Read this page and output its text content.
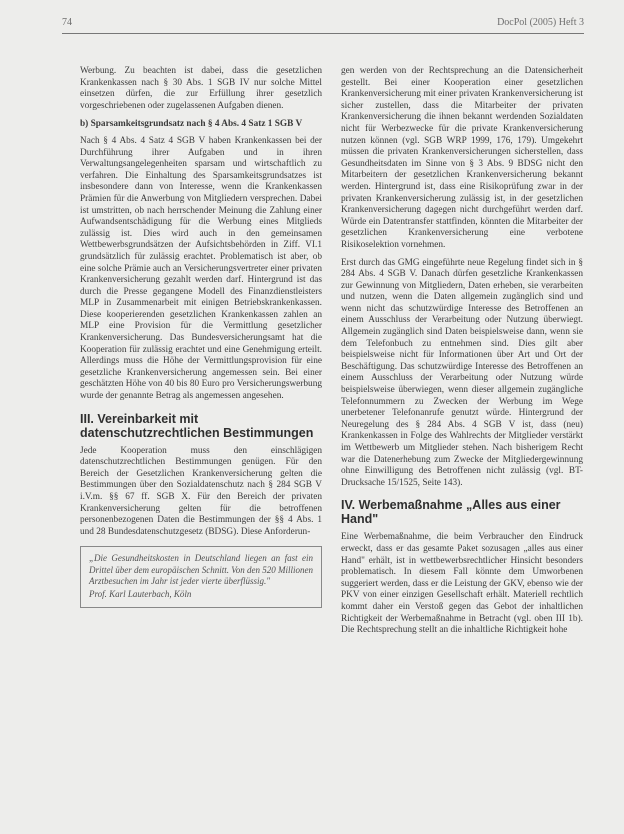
74	DocPol (2005) Heft 3

Werbung. Zu beachten ist dabei, dass die gesetzlichen Krankenkassen nach § 30 Abs. 1 SGB IV nur solche Mittel einsetzen dürfen, die zur Erfüllung ihrer gesetzlich vorgeschriebenen oder zugelassenen Aufgaben dienen.

b) Sparsamkeitsgrundsatz nach § 4 Abs. 4 Satz 1 SGB V

Nach § 4 Abs. 4 Satz 4 SGB V haben Krankenkassen bei der Durchführung ihrer Aufgaben und in ihren Verwaltungsangelegenheiten sparsam und wirtschaftlich zu verfahren. Die Einhaltung des Sparsamkeitsgrundsatzes ist insbesondere dann von Interesse, wenn die Krankenkassen Prämien für die Anwerbung von Mitgliedern versprechen. Dabei ist umstritten, ob nach herrschender Meinung die Zahlung einer Aufwandsentschädigung für die Werbung eines Mitglieds zulässig ist. Dies wird auch in den gemeinsamen Wettbewerbsgrundsätzen der Aufsichtsbehörden in Ziff. VI.1 grundsätzlich für zulässig erachtet. Problematisch ist aber, ob eine solche Prämie auch an Versicherungsvertreter einer privaten Krankenversicherung gezahlt werden darf. Hintergrund ist das durch die Presse gegangene Modell des Finanzdienstleisters MLP in Zusammenarbeit mit einigen Betriebskrankenkassen. Diese kooperierenden gesetzlichen Krankenkassen zahlen an MLP eine Provision für die Vermittlung gesetzlicher Krankenversicherung. Das Bundesversicherungsamt hat die Kooperation für zulässig erachtet und eine Genehmigung erteilt. Allerdings muss die Höhe der Vermittlungsprovision für eine gesetzliche Krankenversicherung angemessen sein. Bei einer geschätzten Höhe von 40 bis 80 Euro pro Versicherungswerbung wurde der genannte Betrag als angemessen angesehen.

III. Vereinbarkeit mit datenschutzrechtlichen Bestimmungen

Jede Kooperation muss den einschlägigen datenschutzrechtlichen Bestimmungen genügen. Für den Bereich der Gesetzlichen Krankenversicherung gelten die Bestimmungen über den Sozialdatenschutz nach § 284 SGB V i.V.m. §§ 67 ff. SGB X. Für den Bereich der privaten Krankenversicherung gelten für die betroffenen personenbezogenen Daten die Bestimmungen der §§ 4 Abs. 1 und 28 Bundesdatenschutzgesetz (BDSG). Diese Anforderun-

„Die Gesundheitskosten in Deutschland liegen an fast ein Drittel über dem europäischen Schnitt. Von den 520 Millionen Arztbesuchen im Jahr ist jeder vierte überflüssig."
Prof. Karl Lauterbach, Köln

gen werden von der Rechtsprechung an die Datensicherheit gestellt. Bei einer Kooperation einer gesetzlichen Krankenversicherung mit einer privaten Krankenversicherung ist sicher zustellen, dass die Mitarbeiter der privaten Krankenversicherung die ihnen bekannt werdenden Sozialdaten nicht für Werbezwecke für die private Krankenversicherung nutzen können (vgl. SGB WRP 1999, 176, 179). Umgekehrt müssen die privaten Krankenversicherungen sicherstellen, dass Gesundheitsdaten im Sinne von § 3 Abs. 9 BDSG nicht den Mitarbeitern der gesetzlichen Krankenversicherung bekannt werden. Hintergrund ist, dass eine Risikoprüfung zwar in der privaten Krankenversicherung zulässig ist, in der gesetzlichen Krankenversicherung dagegen nicht durchgeführt werden darf. Würde ein Datentransfer stattfinden, könnten die Mitarbeiter der gesetzlichen Krankenversicherung eine verbotene Risikoselektion vornehmen.

Erst durch das GMG eingeführte neue Regelung findet sich in § 284 Abs. 4 SGB V. Danach dürfen gesetzliche Krankenkassen zur Gewinnung von Mitgliedern, Daten erheben, sie verarbeiten und nutzen, wenn die Daten allgemein zugänglich sind und wenn nicht das schutzwürdige Interesse des Betroffenen an einem Ausschluss der Verarbeitung oder Nutzung überwiegt. Allgemein zugänglich sind Daten beispielsweise dann, wenn sie dem Telefonbuch zu entnehmen sind. Dies gilt aber beispielsweise nicht für Informationen über Art und Ort der Beschäftigung. Das schutzwürdige Interesse des Betroffenen an einem Ausschluss der Verarbeitung oder Nutzung würde beispielsweise überwiegen, wenn dieser allgemein zugängliche Telefonnummern zu Zwecken der Werbung im Wege unerbetener Telefonanrufe genutzt würde. Hintergrund der Neuregelung des § 284 Abs. 4 SGB V ist, dass (neu) Krankenkassen in Folge des Wahlrechts der Mitglieder verstärkt im Wettbewerb um Mitglieder stehen. Nach bisherigem Recht war die Datenerhebung zum Zwecke der Mitgliedergewinnung ohne Einwilligung des Betroffenen nicht zulässig (vgl. BT-Drucksache 15/1525, Seite 143).

IV. Werbemaßnahme „Alles aus einer Hand"

Eine Werbemaßnahme, die beim Verbraucher den Eindruck erweckt, dass er das gesamte Paket sozusagen „alles aus einer Hand" erhält, ist in wettbewerbsrechtlicher Hinsicht besonders problematisch. In diesem Fall könnte dem Umworbenen suggeriert werden, dass er die Leistung der GKV, ebenso wie der PKV von einer einzigen Gesellschaft erhält. Materiell rechtlich kommt daher ein Verstoß gegen das Gebot der inhaltlichen Richtigkeit der Werbemaßnahme in Betracht (vgl. oben III 1b). Die Rechtsprechung stellt an die inhaltliche Richtigkeit hohe
